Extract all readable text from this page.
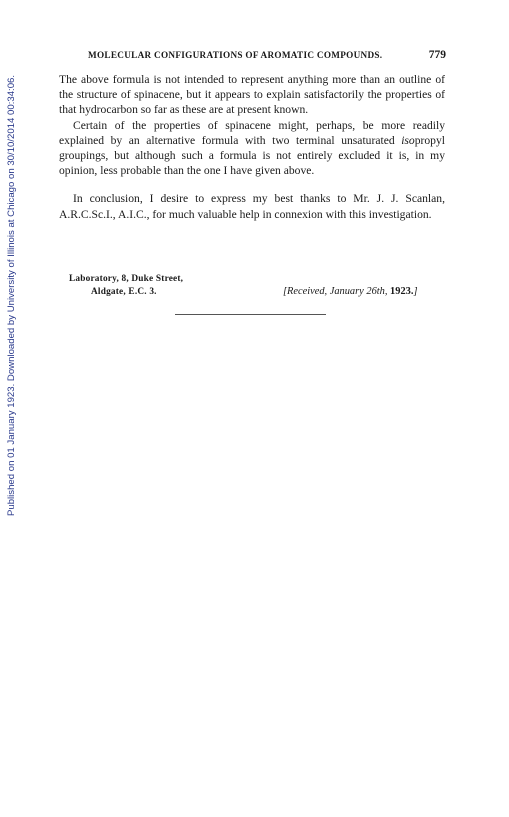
Published on 01 January 1923. Downloaded by University of Illinois at Chicago on 30/10/2014 00:34:06.
MOLECULAR CONFIGURATIONS OF AROMATIC COMPOUNDS.	779

The above formula is not intended to represent anything more than an outline of the structure of spinacene, but it appears to explain satisfactorily the properties of that hydrocarbon so far as these are at present known.

Certain of the properties of spinacene might, perhaps, be more readily explained by an alternative formula with two terminal unsaturated isopropyl groupings, but although such a formula is not entirely excluded it is, in my opinion, less probable than the one I have given above.

In conclusion, I desire to express my best thanks to Mr. J. J. Scanlan, A.R.C.Sc.I., A.I.C., for much valuable help in connexion with this investigation.

Laboratory, 8, Duke Street,
Aldgate, E.C. 3.	[Received, January 26th, 1923.]
